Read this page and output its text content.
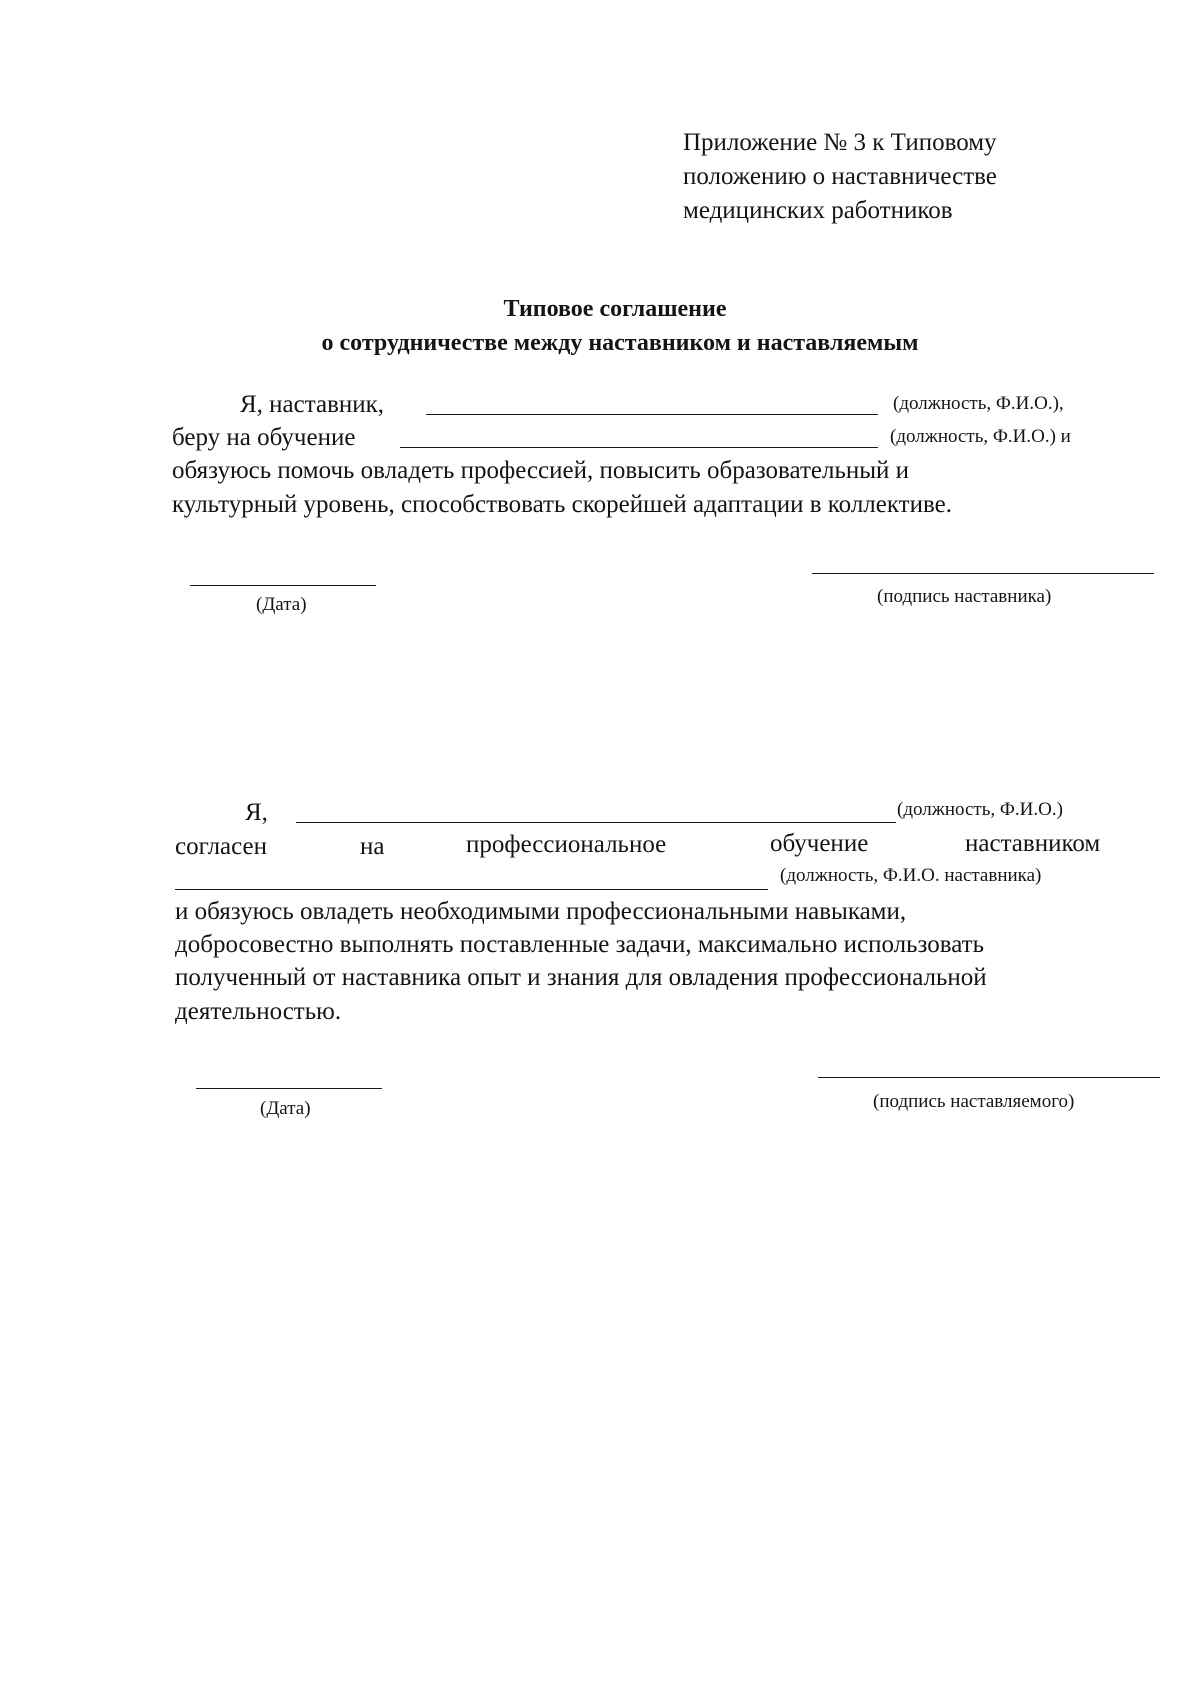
Приложение № 3 к Типовому
положению о наставничестве
медицинских работников
Типовое соглашение
о сотрудничестве между наставником и наставляемым
Я, наставник,	(должность, Ф.И.О.),
беру на обучение	(должность, Ф.И.О.) и
обязуюсь помочь овладеть профессией, повысить образовательный и
культурный уровень, способствовать скорейшей адаптации в коллективе.
(Дата)	(подпись наставника)
Я,	(должность, Ф.И.О.)
согласен	на	профессиональное	обучение	наставником
(должность, Ф.И.О. наставника)
и обязуюсь овладеть необходимыми профессиональными навыками,
добросовестно выполнять поставленные задачи, максимально использовать
полученный от наставника опыт и знания для овладения профессиональной
деятельностью.
(Дата)	(подпись наставляемого)
